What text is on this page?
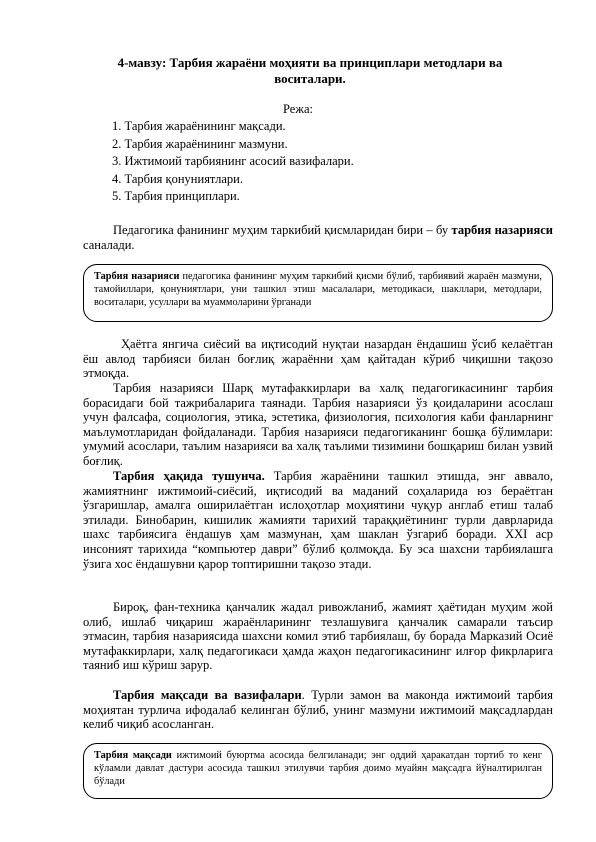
4-мавзу: Тарбия жараёни моҳияти ва принциплари методлари ва воситалари.
Режа:
1. Тарбия жараёнининг мақсади.
2. Тарбия жараёнининг мазмуни.
3. Ижтимоий тарбиянинг асосий вазифалари.
4. Тарбия қонуниятлари.
5. Тарбия принциплари.

Педагогика фанининг муҳим таркибий қисмларидан бири – бу тарбия назарияси саналади.

Тарбия назарияси педагогика фанининг муҳим таркибий қисми бўлиб, тарбиявий жараён мазмуни, тамойиллари, қонуниятлари, уни ташкил этиш масалалари, методикаси, шакллари, методлари, воситалари, усуллари ва муаммоларини ўрганади

Ҳаётга янгича сиёсий ва иқтисодий нуқтаи назардан ёндашиш ўсиб келаётган ёш авлод тарбияси билан боғлиқ жараённи ҳам қайтадан кўриб чиқишни тақозо этмоқда.

Тарбия назарияси Шарқ мутафаккирлари ва халқ педагогикасининг тарбия борасидаги бой тажрибаларига таянади. Тарбия назарияси ўз қоидаларини асослаш учун фалсафа, социология, этика, эстетика, физиология, психология каби фанларнинг маълумотларидан фойдаланади. Тарбия назарияси педагогиканинг бошқа бўлимлари: умумий асослари, таълим назарияси ва халқ таълими тизимини бошқариш билан узвий боғлиқ.

Тарбия ҳақида тушунча. Тарбия жараёнини ташкил этишда, энг аввало, жамиятнинг ижтимоий-сиёсий, иқтисодий ва маданий соҳаларида юз бераётган ўзгаришлар, амалга оширилаётган ислоҳотлар моҳиятини чуқур англаб етиш талаб этилади. Бинобарин, кишилик жамияти тарихий тараққиётининг турли даврларида шахс тарбиясига ёндашув ҳам мазмунан, ҳам шаклан ўзгариб боради. XXI аср инсоният тарихида “компьютер даври” бўлиб қолмоқда. Бу эса шахсни тарбиялашга ўзига хос ёндашувни қарор топтиришни тақозо этади.

Бироқ, фан-техника қанчалик жадал ривожланиб, жамият ҳаётидан муҳим жой олиб, ишлаб чиқариш жараёнларининг тезлашувига қанчалик самарали таъсир этмасин, тарбия назариясида шахсни комил этиб тарбиялаш, бу борада Марказий Осиё мутафаккирлари, халқ педагогикаси ҳамда жаҳон педагогикасининг илғор фикрларига таяниб иш кўриш зарур.

Тарбия мақсади ва вазифалари. Турли замон ва маконда ижтимоий тарбия моҳиятан турлича ифодалаб келинган бўлиб, унинг мазмуни ижтимоий мақсадлардан келиб чиқиб асосланган.

Тарбия мақсади ижтимоий буюртма асосида белгиланади; энг оддий ҳаракатдан тортиб то кенг кўламли давлат дастури асосида ташкил этилувчи тарбия доимо муайян мақсадга йўналтирилган бўлади
